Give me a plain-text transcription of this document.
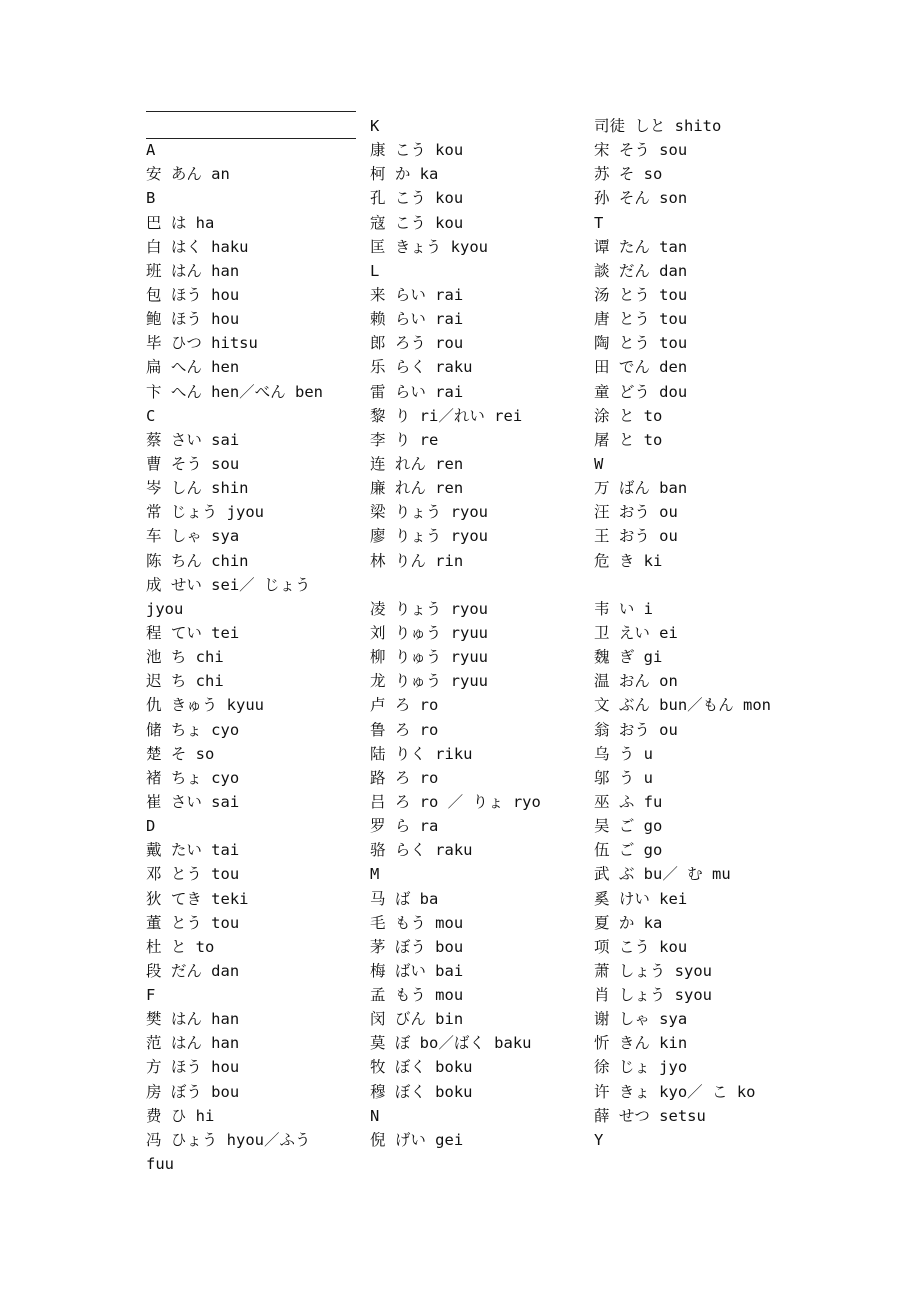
A
安 あん an
B
巴 は ha
白 はく haku
班 はん han
包 ほう hou
鲍 ほう hou
毕 ひつ hitsu
扁 へん hen
卞 へん hen／べん ben
C
蔡 さい sai
曹 そう sou
岑 しん shin
常 じょう jyou
车 しゃ sya
陈 ちん chin
成 せい sei／ じょう
jyou
程 てい tei
池 ち chi
迟 ち chi
仇 きゅう kyuu
储 ちょ cyo
楚 そ so
褚 ちょ cyo
崔 さい sai
D
戴 たい tai
邓 とう tou
狄 てき teki
董 とう tou
杜 と to
段 だん dan
F
樊 はん han
范 はん han
方 ほう hou
房 ぼう bou
费 ひ hi
冯 ひょう hyou／ふう
fuu
K
康 こう kou
柯 か ka
孔 こう kou
寇 こう kou
匡 きょう kyou
L
来 らい rai
赖 らい rai
郎 ろう rou
乐 らく raku
雷 らい rai
黎 り ri／れい rei
李 り re
连 れん ren
廉 れん ren
梁 りょう ryou
廖 りょう ryou
林 りん rin
凌 りょう ryou
刘 りゅう ryuu
柳 りゅう ryuu
龙 りゅう ryuu
卢 ろ ro
鲁 ろ ro
陆 りく riku
路 ろ ro
吕 ろ ro ／ りょ ryo
罗 ら ra
骆 らく raku
M
马 ば ba
毛 もう mou
茅 ぼう bou
梅 ばい bai
孟 もう mou
闵 びん bin
莫 ぼ bo／ばく baku
牧 ぼく boku
穆 ぼく boku
N
倪 げい gei
司徒 しと shito
宋 そう sou
苏 そ so
孙 そん son
T
谭 たん tan
談 だん dan
汤 とう tou
唐 とう tou
陶 とう tou
田 でん den
童 どう dou
涂 と to
屠 と to
W
万 ばん ban
汪 おう ou
王 おう ou
危 き ki
韦 い i
卫 えい ei
魏 ぎ gi
温 おん on
文 ぶん bun／もん mon
翁 おう ou
乌 う u
邬 う u
巫 ふ fu
吴 ご go
伍 ご go
武 ぶ bu／ む mu
奚 けい kei
夏 か ka
项 こう kou
萧 しょう syou
肖 しょう syou
谢 しゃ sya
忻 きん kin
徐 じょ jyo
许 きょ kyo／ こ ko
薛 せつ setsu
Y
